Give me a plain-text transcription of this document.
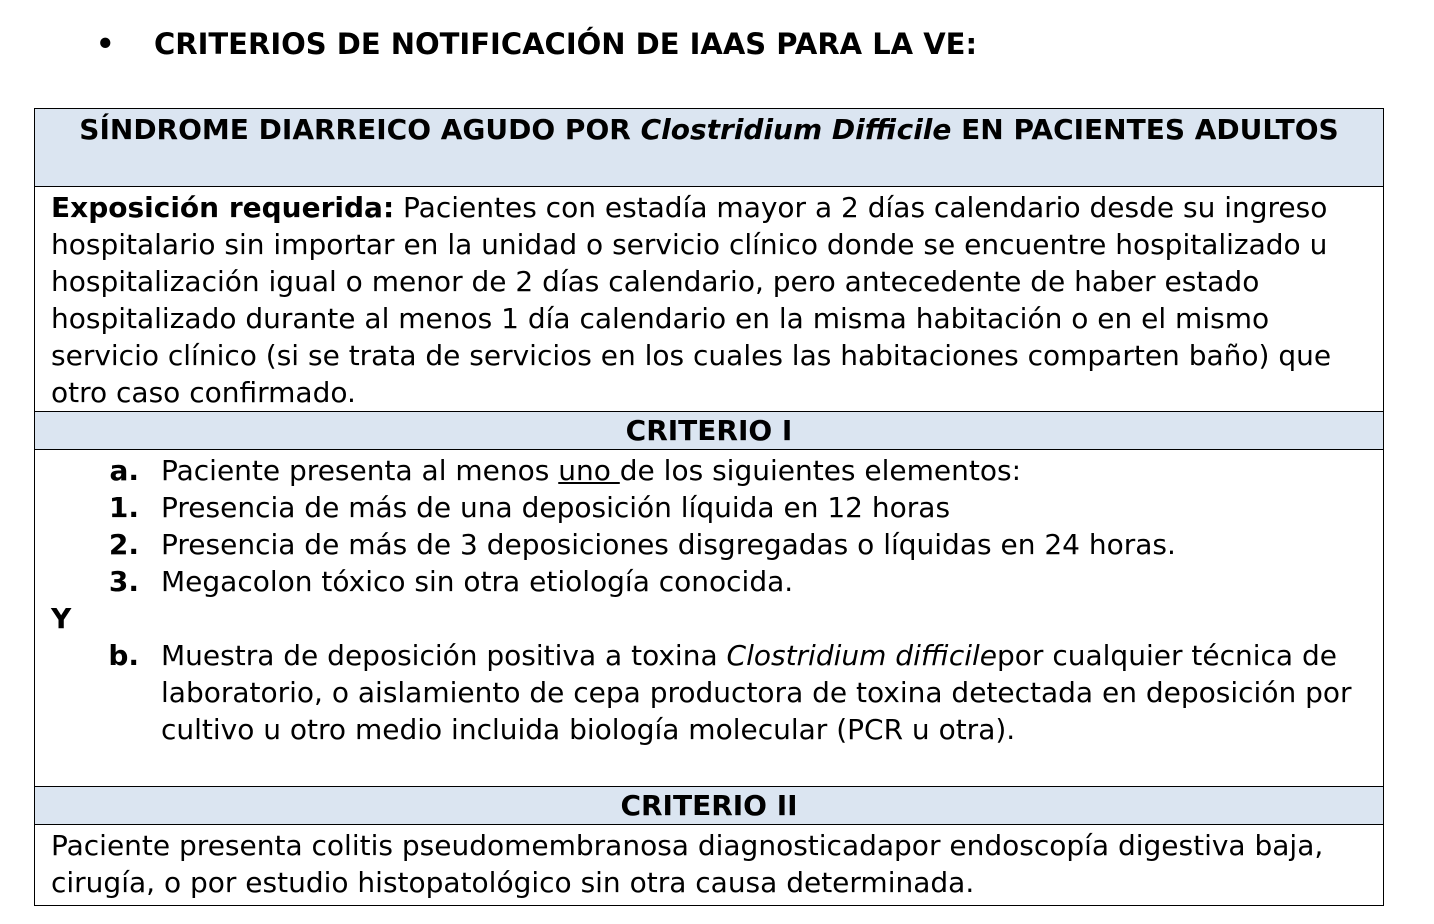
•	CRITERIOS DE NOTIFICACIÓN DE IAAS PARA LA VE:
SÍNDROME DIARREICO AGUDO POR Clostridium Difficile EN PACIENTES ADULTOS
Exposición requerida: Pacientes con estadía mayor a 2 días calendario desde su ingreso hospitalario sin importar en la unidad o servicio clínico donde se encuentre hospitalizado u hospitalización igual o menor de 2 días calendario, pero antecedente de haber estado hospitalizado durante al menos 1 día calendario en la misma habitación o en el mismo servicio clínico (si se trata de servicios en los cuales las habitaciones comparten baño) que otro caso confirmado.
CRITERIO I

a. Paciente presenta al menos uno de los siguientes elementos:
1. Presencia de más de una deposición líquida en 12 horas
2. Presencia de más de 3 deposiciones disgregadas o líquidas en 24 horas.
3. Megacolon tóxico sin otra etiología conocida.
Y
b. Muestra de deposición positiva a toxina Clostridium difficilepor cualquier técnica de laboratorio, o aislamiento de cepa productora de toxina detectada en deposición por cultivo u otro medio incluida biología molecular (PCR u otra).

CRITERIO II
Paciente presenta colitis pseudomembranosa diagnosticadapor endoscopía digestiva baja, cirugía, o por estudio histopatológico sin otra causa determinada.
